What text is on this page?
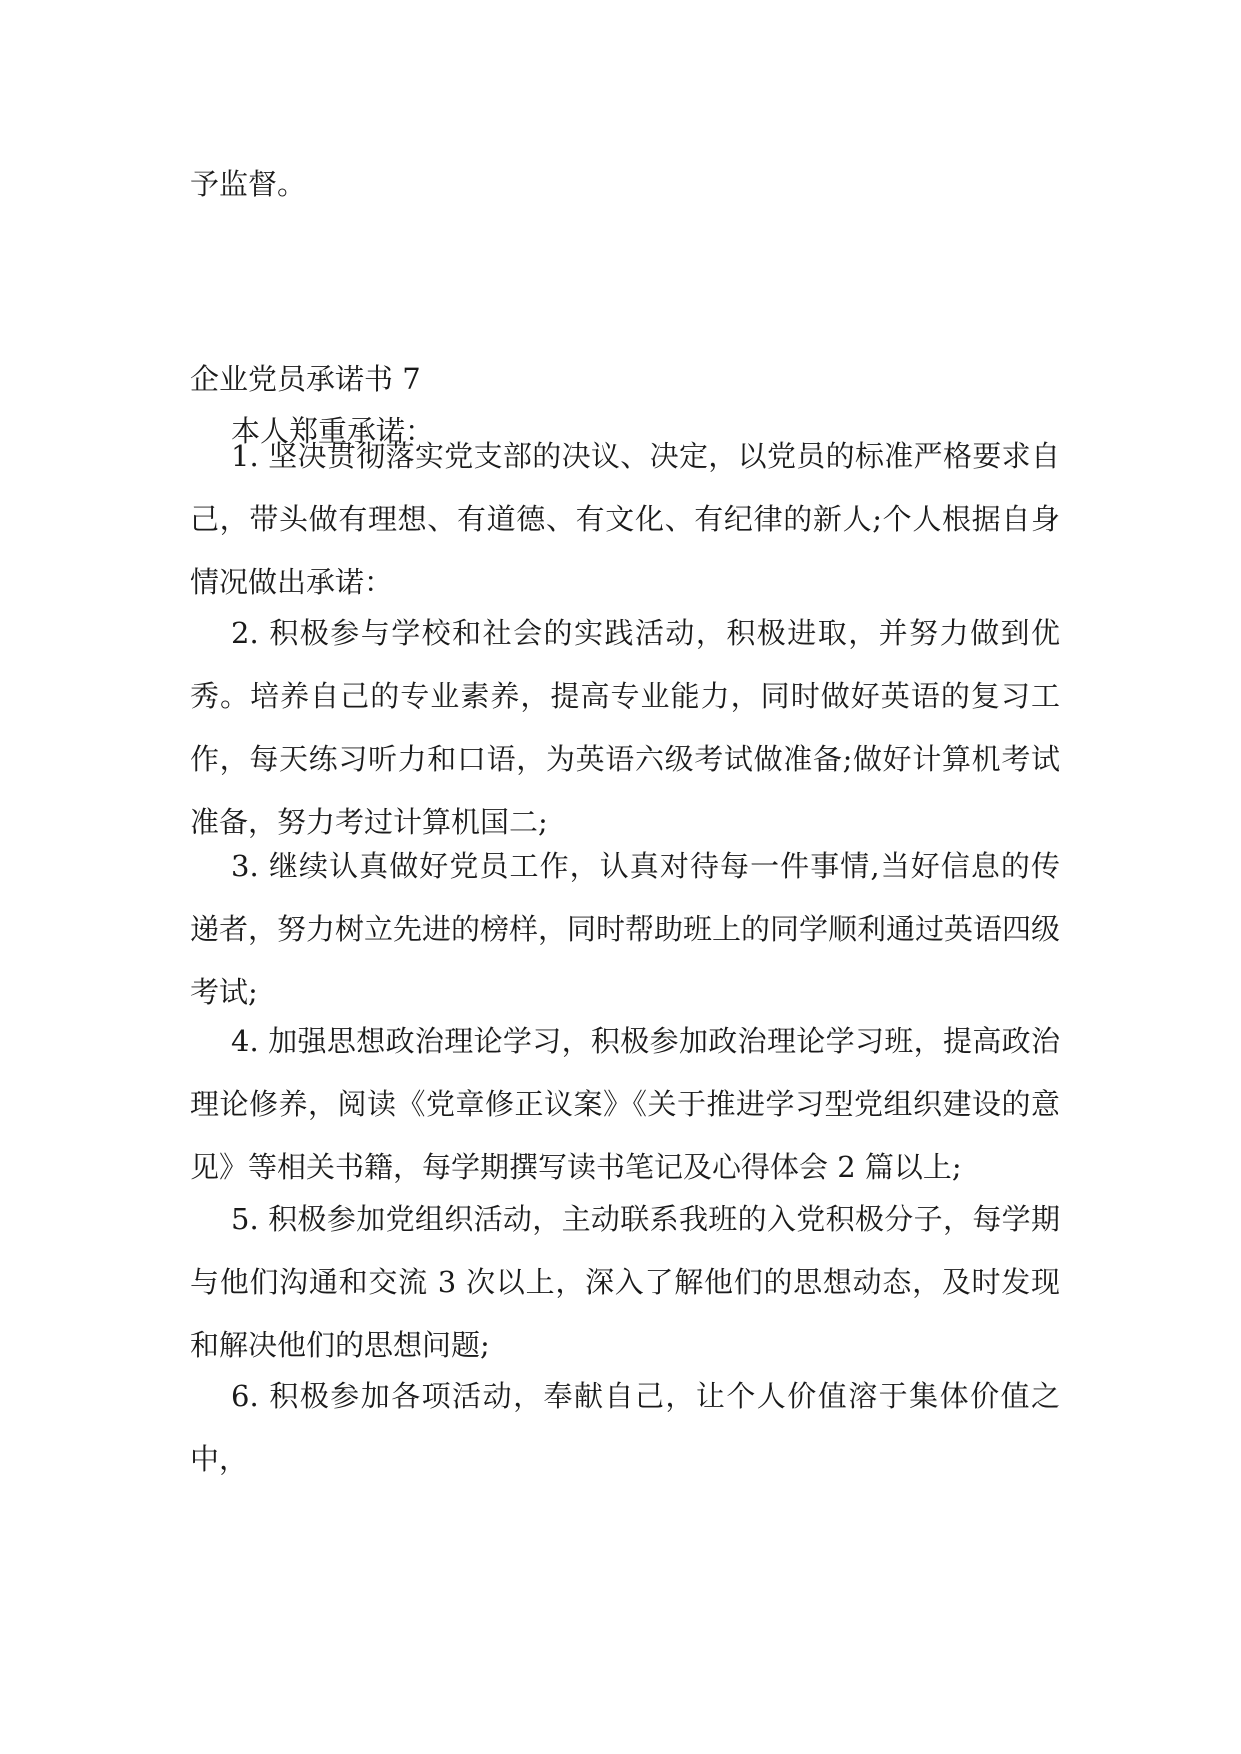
予监督。

企业党员承诺书 7

本人郑重承诺：

1. 坚决贯彻落实党支部的决议、决定，以党员的标准严格要求自己，带头做有理想、有道德、有文化、有纪律的新人;个人根据自身情况做出承诺：

2. 积极参与学校和社会的实践活动，积极进取，并努力做到优秀。培养自己的专业素养，提高专业能力，同时做好英语的复习工作，每天练习听力和口语，为英语六级考试做准备;做好计算机考试准备，努力考过计算机国二;

3. 继续认真做好党员工作，认真对待每一件事情,当好信息的传递者，努力树立先进的榜样，同时帮助班上的同学顺利通过英语四级考试;

4. 加强思想政治理论学习，积极参加政治理论学习班，提高政治理论修养，阅读《党章修正议案》《关于推进学习型党组织建设的意见》等相关书籍，每学期撰写读书笔记及心得体会 2 篇以上;

5. 积极参加党组织活动，主动联系我班的入党积极分子，每学期与他们沟通和交流 3 次以上，深入了解他们的思想动态，及时发现和解决他们的思想问题;

6. 积极参加各项活动，奉献自己，让个人价值溶于集体价值之中，
